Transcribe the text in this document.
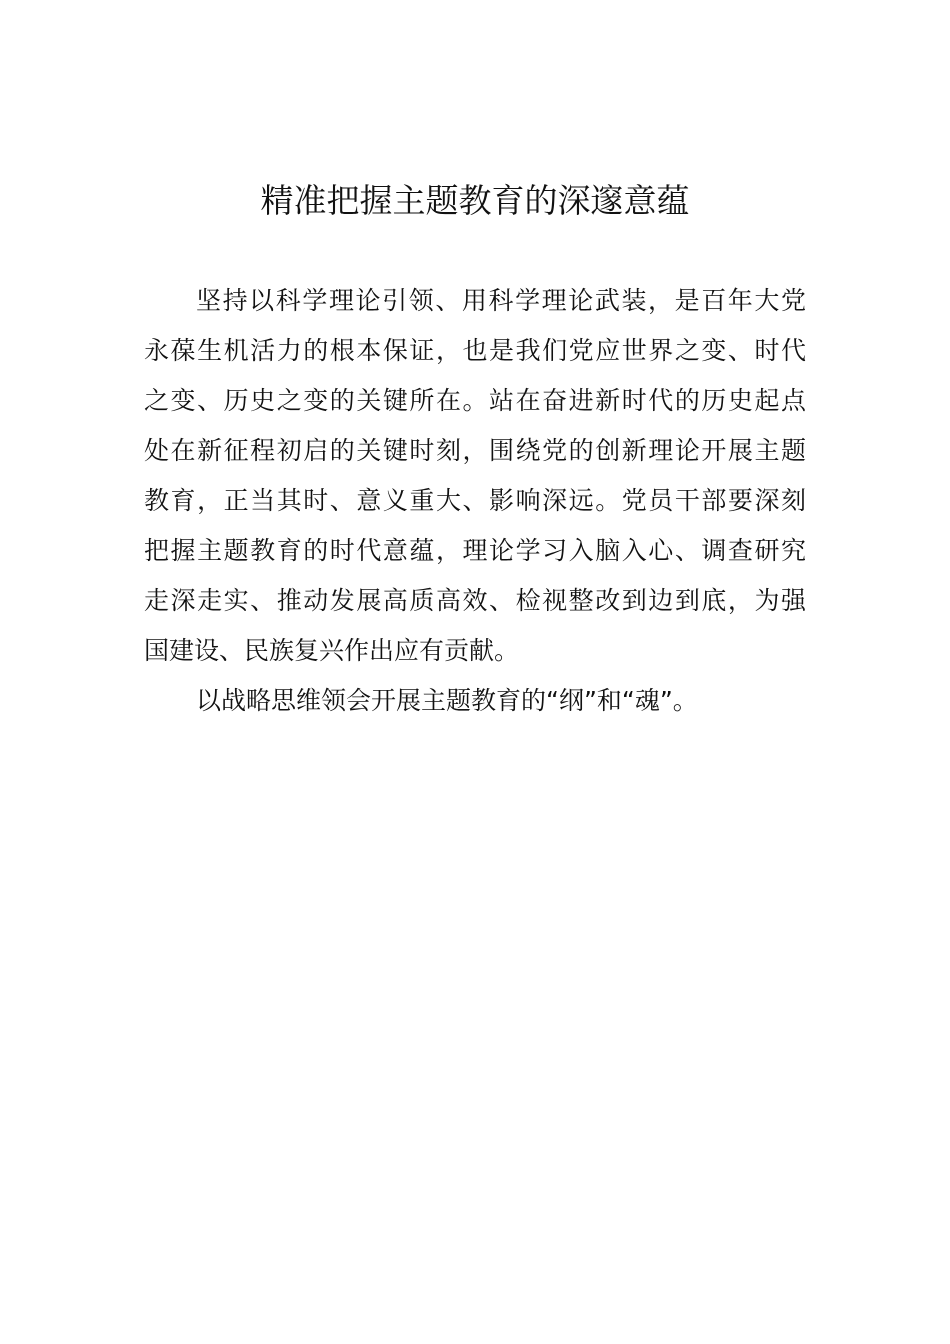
精准把握主题教育的深邃意蕴
坚持以科学理论引领、用科学理论武装，是百年大党
永葆生机活力的根本保证，也是我们党应世界之变、时代
之变、历史之变的关键所在。站在奋进新时代的历史起点
处在新征程初启的关键时刻，围绕党的创新理论开展主题
教育，正当其时、意义重大、影响深远。党员干部要深刻
把握主题教育的时代意蕴，理论学习入脑入心、调查研究
走深走实、推动发展高质高效、检视整改到边到底，为强
国建设、民族复兴作出应有贡献。
以战略思维领会开展主题教育的“纲”和“魂”。
